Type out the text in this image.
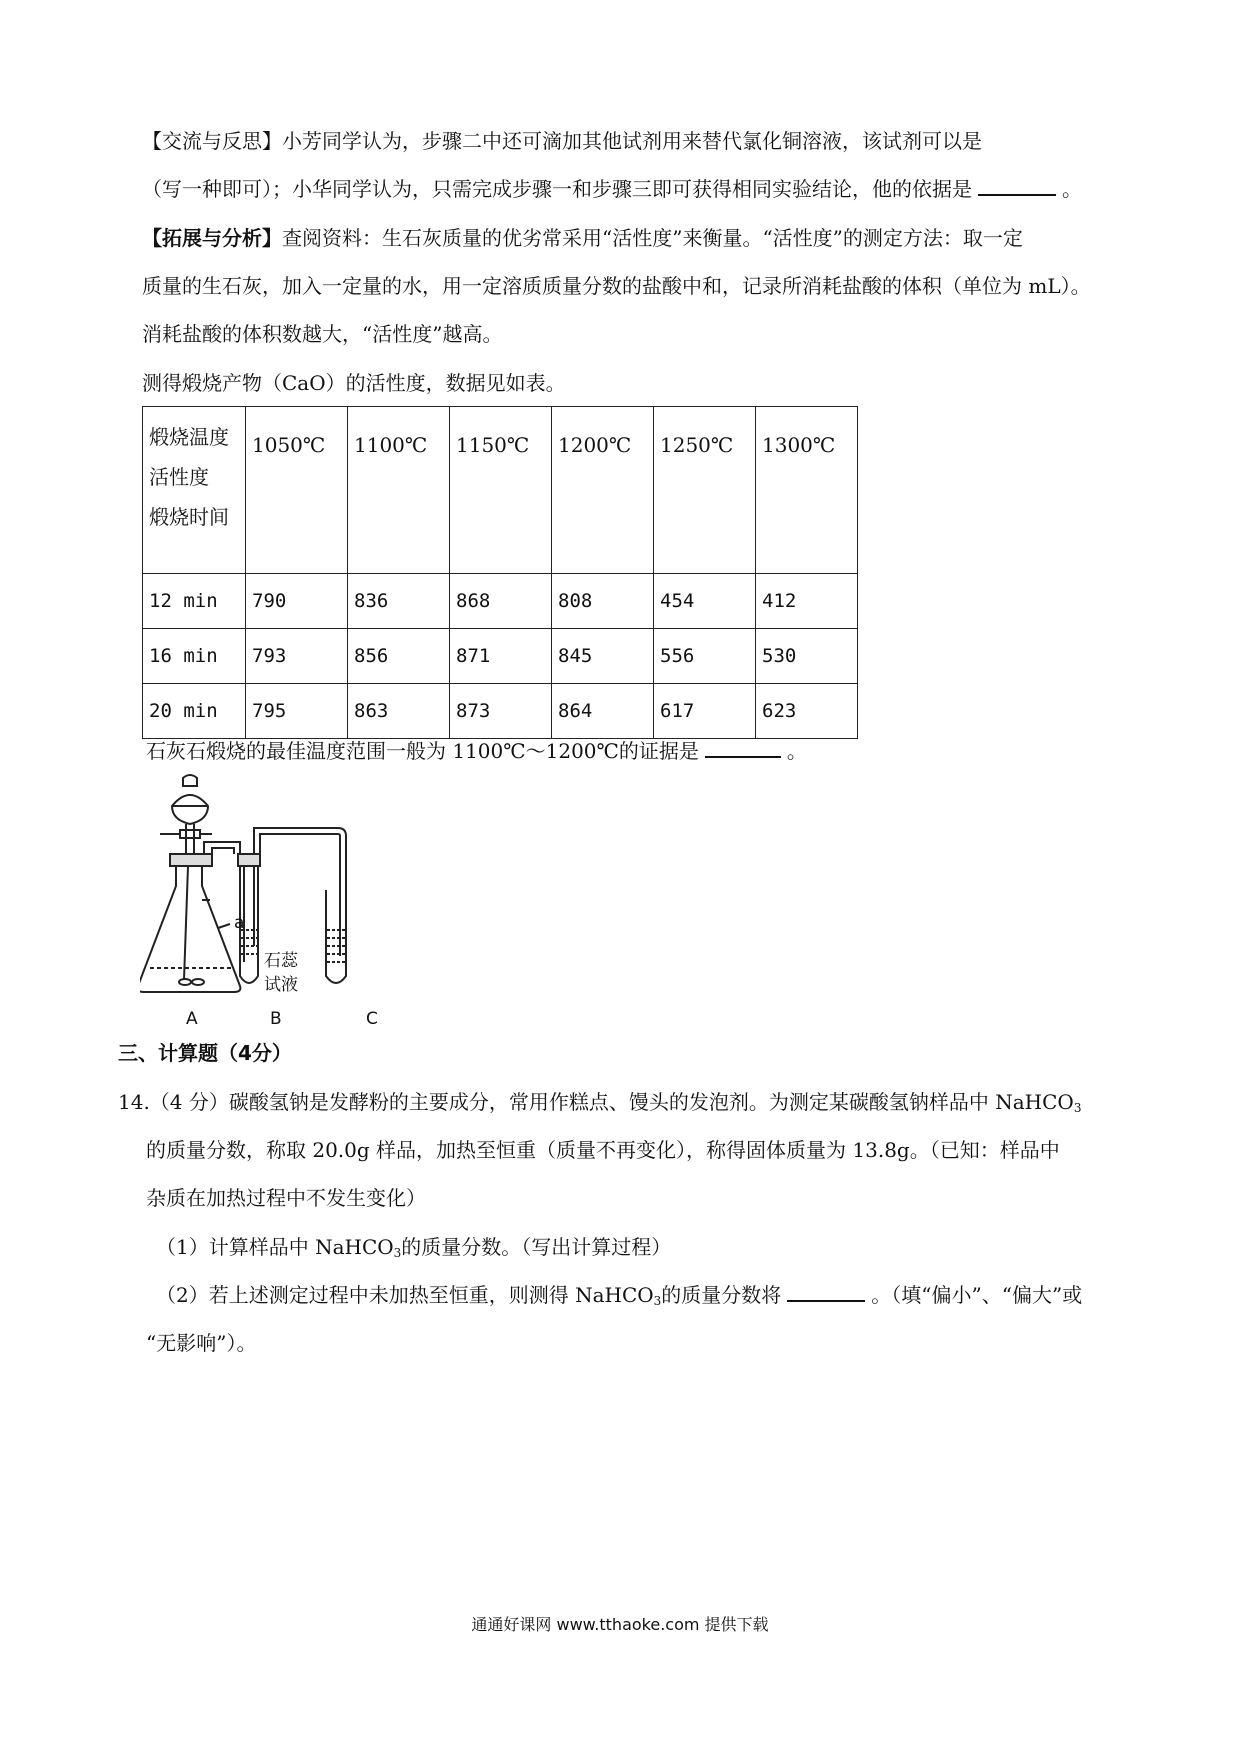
【交流与反思】小芳同学认为，步骤二中还可滴加其他试剂用来替代氯化铜溶液，该试剂可以是
（写一种即可）；小华同学认为，只需完成步骤一和步骤三即可获得相同实验结论，他的依据是	。
【拓展与分析】查阅资料：生石灰质量的优劣常采用“活性度”来衡量。“活性度”的测定方法：取一定
质量的生石灰，加入一定量的水，用一定溶质质量分数的盐酸中和，记录所消耗盐酸的体积（单位为 mL）。
消耗盐酸的体积数越大，“活性度”越高。
测得煅烧产物（CaO）的活性度，数据见如表。
煅烧温度
活性度
煅烧时间	1050℃	1100℃	1150℃	1200℃	1250℃	1300℃
12 min	790	836	868	808	454	412
16 min	793	856	871	845	556	530
20 min	795	863	873	864	617	623
石灰石煅烧的最佳温度范围一般为 1100℃～1200℃的证据是	。
a
石蕊
试液
A	B	C
三、计算题（4分）
14.（4 分）碳酸氢钠是发酵粉的主要成分，常用作糕点、馒头的发泡剂。为测定某碳酸氢钠样品中 NaHCO$_3$
的质量分数，称取 20.0g 样品，加热至恒重（质量不再变化），称得固体质量为 13.8g。（已知：样品中
杂质在加热过程中不发生变化）
（1）计算样品中 NaHCO$_3$的质量分数。（写出计算过程）
（2）若上述测定过程中未加热至恒重，则测得 NaHCO$_3$的质量分数将	。（填“偏小”、“偏大”或
“无影响”）。
通通好课网 www.tthaoke.com 提供下载
